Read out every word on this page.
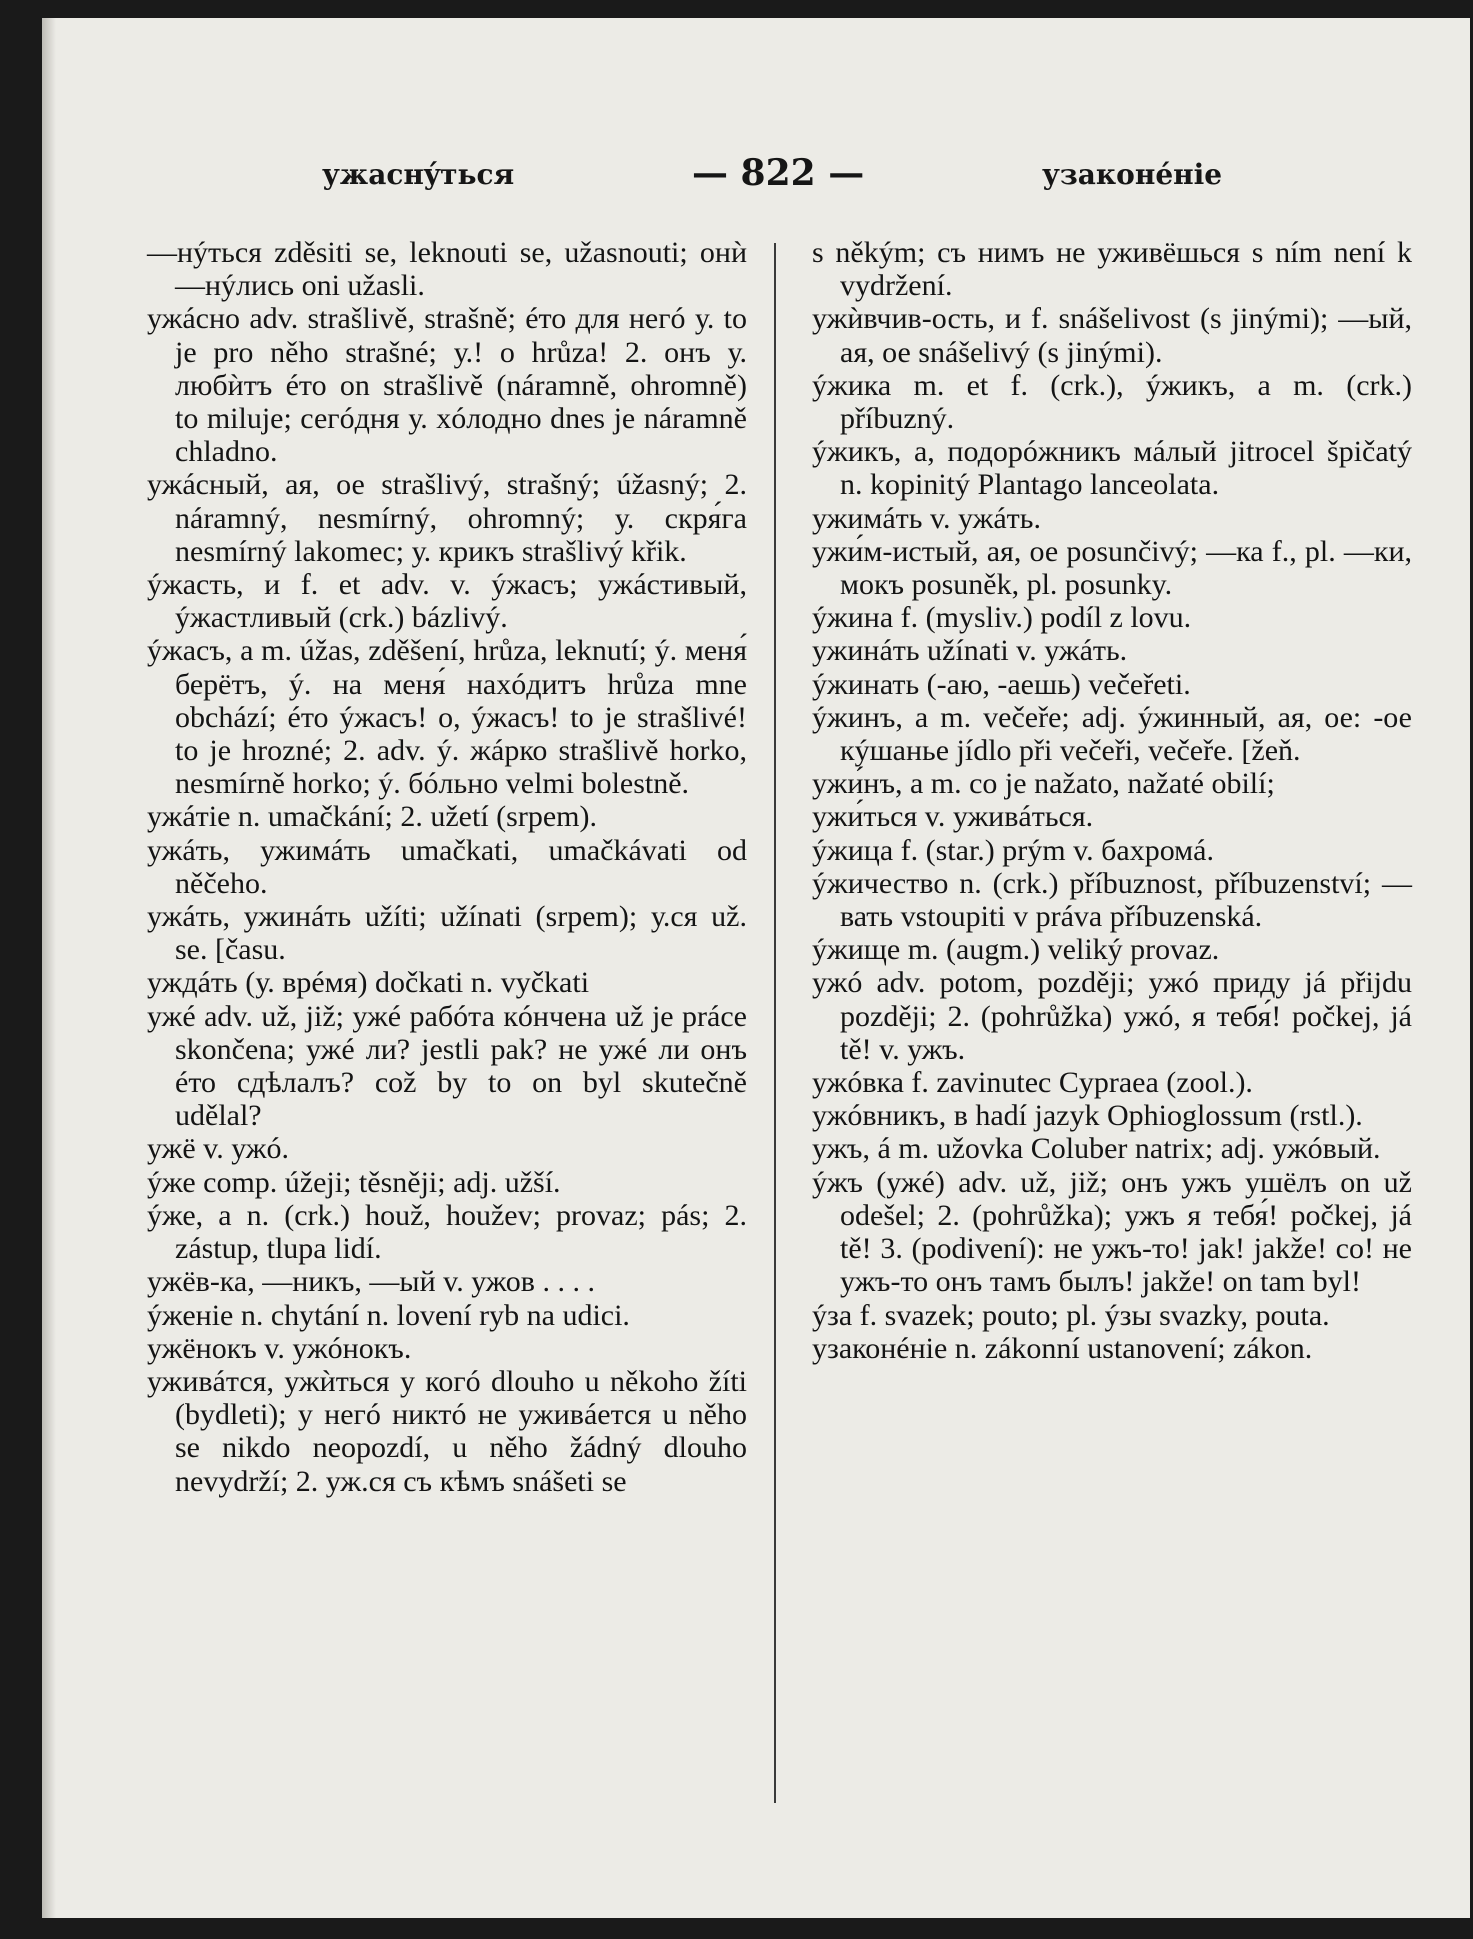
ужаснýться	— 822 —	узаконéніе
—нýться zděsiti se, leknouti se, užasnouti; oнѝ —нýлись oni užasli.
ужáсно adv. strašlivě, strašně; éто для негó у. to je pro něho strašné; у.! o hrůza! 2. онъ у. любѝтъ éто on strašlivě (náramně, ohromně) to miluje; сегóдня у. хóлодно dnes je náramně chladno.
ужáсный, ая, ое strašlivý, strašný; úžasný; 2. náramný, nesmírný, ohromný; у. скря́га nesmírný lakomec; у. крикъ strašlivý křik.
ýжасть, и f. et adv. v. ýжасъ; ужáстивый, ýжастливый (crk.) bázlivý.
ýжасъ, а m. úžas, zděšení, hrůza, leknutí; ý. меня́ берётъ, ý. на меня́ нахóдитъ hrůza mne obchází; éто ýжасъ! о, ýжасъ! to je strašlivé! to je hrozné; 2. adv. ý. жáрко strašlivě horko, nesmírně horko; ý. бóльно velmi bolestně.
ужáтіе n. umačkání; 2. užetí (srpem).
ужáть, ужимáть umačkati, umačkávati od něčeho.
ужáть, ужинáть užíti; užínati (srpem); у.ся už. se. [času.
уждáть (у. врéмя) dočkati n. vyčkati
ужé adv. už, již; ужé рабóта кóнчена už je práce skončena; ужé ли? jestli pak? не ужé ли онъ éто сдѣлалъ? což by to on byl skutečně udělal?
ужё v. ужó.
ýже comp. úžeji; těsněji; adj. užší.
ýже, а n. (crk.) houž, houžev; provaz; pás; 2. zástup, tlupa lidí.
ужёв-ка, —никъ, —ый v. ужов . . . .
ýженіе n. chytání n. lovení ryb na udici.
ужёнокъ v. ужóнокъ.
уживáтся, ужѝться у когó dlouho u někoho žíti (bydleti); у негó никтó не уживáется u něho se nikdo neopozdí, u něho žádný dlouho nevydrží; 2. уж.ся съ кѣмъ snášeti se
s někým; съ нимъ не уживёшься s ním není k vydržení.
ужѝвчив-ость, и f. snášelivost (s jinými); —ый, ая, ое snášelivý (s jinými).
ýжика m. et f. (crk.), ýжикъ, а m. (crk.) příbuzný.
ýжикъ, а, подорóжникъ мáлый jitrocel špičatý n. kopinitý Plantago lanceolata.
ужимáть v. ужáть.
ужи́м-истый, ая, ое posunčivý; —ка f., pl. —ки, мокъ posuněk, pl. posunky.
ýжина f. (mysliv.) podíl z lovu.
ужинáть užínati v. ужáть.
ýжинать (-аю, -аешь) večeřeti.
ýжинъ, а m. večeře; adj. ýжинный, ая, ое: -ое кýшанье jídlo při večeři, večeře. [žeň.
ужи́нъ, а m. co je nažato, nažaté obilí;
ужи́ться v. уживáться.
ýжица f. (star.) prým v. бахромá.
ýжичество n. (crk.) příbuznost, příbuzenství; —вать vstoupiti v práva příbuzenská.
ýжище m. (augm.) veliký provaz.
ужó adv. potom, později; ужó приду já přijdu později; 2. (pohrůžka) ужó, я тебя́! počkej, já tě! v. ужъ.
ужóвка f. zavinutec Cypraea (zool.).
ужóвникъ, в hadí jazyk Ophioglossum (rstl.).
ужъ, á m. užovka Coluber natrix; adj. ужóвый.
ýжъ (ужé) adv. už, již; онъ ужъ ушёлъ on už odešel; 2. (pohrůžka); ужъ я тебя́! počkej, já tě! 3. (podivení): не ужъ-то! jak! jakže! co! не ужъ-то онъ тамъ былъ! jakže! on tam byl!
ýза f. svazek; pouto; pl. ýзы svazky, pouta.
узаконéніе n. zákonní ustanovení; zákon.
